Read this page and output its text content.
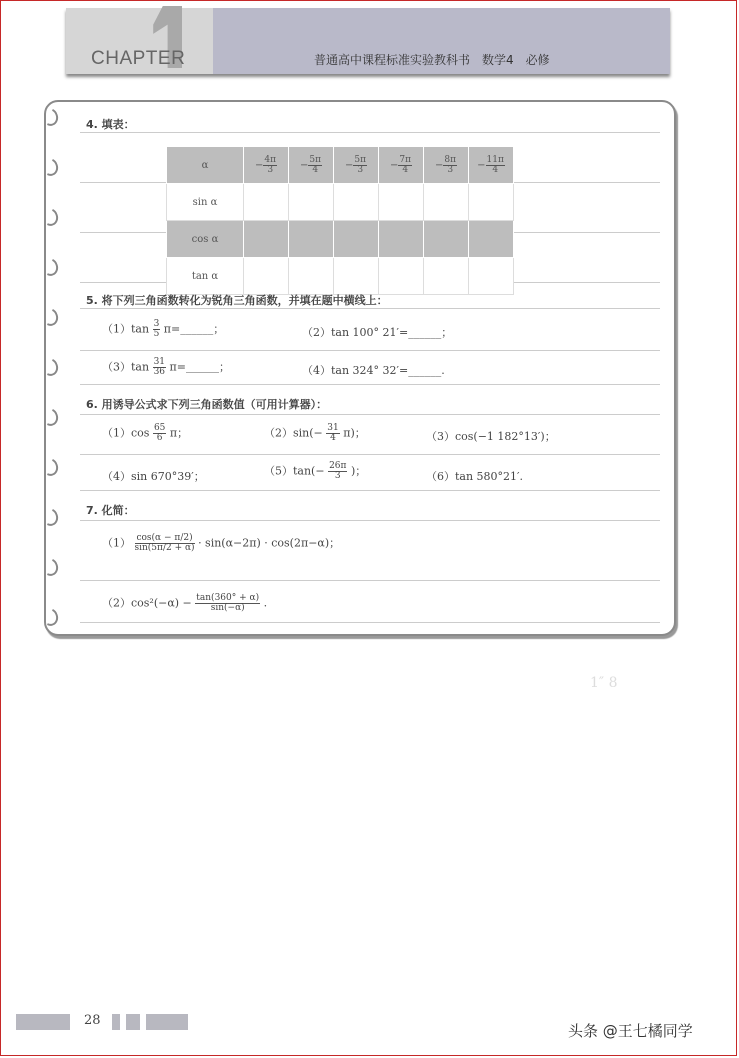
CHAPTER	普通高中课程标准实验教科书　数学4　必修
4. 填表：
α	− $\frac{4\pi}{3}$	− $\frac{5\pi}{4}$	− $\frac{5\pi}{3}$	− $\frac{7\pi}{4}$	− $\frac{8\pi}{3}$	− $\frac{11\pi}{4}$

sin α						
cos α						
tan α						
5. 将下列三角函数转化为锐角三角函数，并填在题中横线上：
$(1)\tan \frac{3}{5}$ π=______；	（2）tan 100° 21′=______；
$(3)\tan \frac{31}{36}$ π=______；	（4）tan 324° 32′=______.
6. 用诱导公式求下列三角函数值（可用计算器）：
$(1)\cos \frac{65}{6}$ π；	$(2)\sin(- \frac{31}{4} \pi)$；	（3）cos(−1 182°13′)；
（4）sin 670°39′；	$(5)\tan(- \frac{26\pi}{3}$ )；	（6）tan 580°21′.
7. 化简：
$(1) \frac{\cos(\alpha - \pi/2)}{\sin(5\pi/2 + \alpha)} \cdot \sin(\alpha-2\pi) \cdot \cos(2\pi-\alpha)$；
$(2)\cos^2(-\alpha) - \frac{\tan(360^\circ + \alpha)}{\sin(-\alpha)}$ .
1″ 8
28
头条 @王七橘同学
